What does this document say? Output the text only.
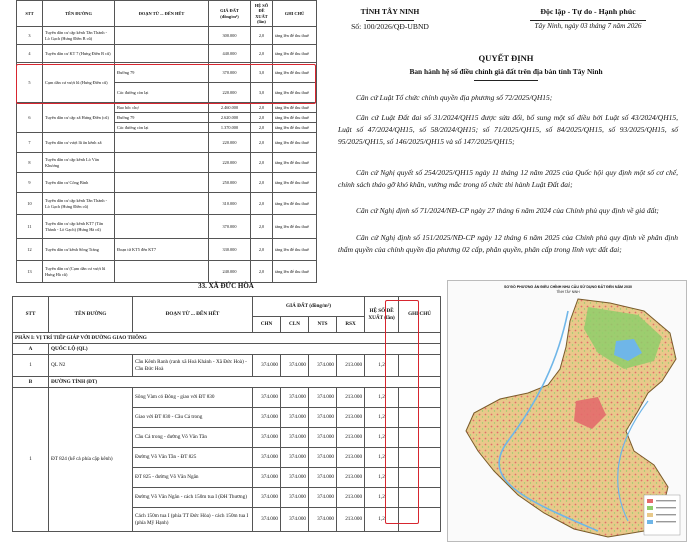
STT	TÊN ĐƯỜNG	ĐOẠN TỪ ... ĐẾN HẾT	GIÁ ĐẤT (đồng/m²)	HỆ SỐ ĐỀ XUẤT (lần)	GHI CHÚ
3	Tuyến dân cư cặp kênh Tân Thành - Lò Gạch (Hưng Điền B cũ)		300.000	2,0	tăng lên để thu thuế
4	Tuyến dân cư KT 7 (Hưng Điền B cũ)		440.000	2,0	tăng lên để thu thuế
5	Cụm dân cư vượt lũ (Hưng Điền cũ)	Đường 79	370.000	3,0	tăng lên để thu thuế
		Các đường còn lại	220.000	3,0	tăng lên để thu thuế
6	Tuyến dân cư cặp xã Hưng Điền (cũ)	Bao bốc chợ	2.460.000	2,0	tăng lên để thu thuế
		Đường 79	2.620.000	2,0	tăng lên để thu thuế
		Các đường còn lại	1.370.000	2,0	tăng lên để thu thuế
7	Tuyến dân cư vượt lũ ấn kênh xã		220.000	2,0	tăng lên để thu thuế
8	Tuyến dân cư cặp kênh Lò Văn Khương		220.000	2,0	tăng lên để thu thuế
9	Tuyến dân cư Công Bình		250.000	2,0	tăng lên để thu thuế
10	Tuyến dân cư cặp kênh Tân Thành - Lò Gạch (Hưng Điền cũ)		310.000	2,0	tăng lên để thu thuế
11	Tuyến dân cư cặp kênh KT7 (Tân Thành - Lò Gạch) (Hưng Hà cũ)		370.000	2,0	tăng lên để thu thuế
12	Tuyến dân cư kênh Sông Trăng	Đoạn từ KT5 đến KT7	330.000	2,0	tăng lên để thu thuế
13	Tuyến dân cư (Cụm dân cư vượt lũ Hưng Hà cũ)		240.000	2,0	tăng lên để thu thuế
TỈNH TÂY NINH
Số: 100/2026/QĐ-UBND
Độc lập - Tự do - Hạnh phúc
Tây Ninh, ngày 03 tháng 7 năm 2026
QUYẾT ĐỊNH
Ban hành hệ số điều chỉnh giá đất trên địa bàn tỉnh Tây Ninh
Căn cứ Luật Tổ chức chính quyền địa phương số 72/2025/QH15;
Căn cứ Luật Đất đai số 31/2024/QH15 được sửa đổi, bổ sung một số điều bởi Luật số 43/2024/QH15, Luật số 47/2024/QH15, số 58/2024/QH15; số 71/2025/QH15, số 84/2025/QH15, số 93/2025/QH15, số 95/2025/QH15, số 146/2025/QH15 và số 147/2025/QH15;
Căn cứ Nghị quyết số 254/2025/QH15 ngày 11 tháng 12 năm 2025 của Quốc hội quy định một số cơ chế, chính sách tháo gỡ khó khăn, vướng mắc trong tổ chức thi hành Luật Đất đai;
Căn cứ Nghị định số 71/2024/NĐ-CP ngày 27 tháng 6 năm 2024 của Chính phủ quy định về giá đất;
Căn cứ Nghị định số 151/2025/NĐ-CP ngày 12 tháng 6 năm 2025 của Chính phủ quy định về phân định thẩm quyền của chính quyền địa phương 02 cấp, phân quyền, phân cấp trong lĩnh vực đất đai;
33. XÃ ĐỨC HÒA
STT	TÊN ĐƯỜNG	ĐOẠN TỪ ... ĐẾN HẾT	GIÁ ĐẤT (đồng/m²)				HỆ SỐ ĐỀ XUẤT (lần)	GHI CHÚ
			CHN	CLN	NTS	RSX		
PHẦN I: VỊ TRÍ TIẾP GIÁP VỚI ĐƯỜNG GIAO THÔNG								
A	QUỐC LỘ (QL)							
1	QL N2	Cầu Kênh Ranh (ranh xã Hoà Khánh - Xã Đức Hoà) - Cầu Đức Hoà	374.000	374.000	374.000	213.000	1,2	
B	ĐƯỜNG TỈNH (ĐT)							
1	ĐT 824 (kể cả phía cặp kênh)	Sông Vàm cỏ Đông - giao với ĐT 830	374.000	374.000	374.000	213.000	1,2	
		Giao với ĐT 830 - Cầu Cá trong	374.000	374.000	374.000	213.000	1,2	
		Cầu Cá trong - đường Võ Văn Tần	374.000	374.000	374.000	213.000	1,2	
		Đường Võ Văn Tần - ĐT 825	374.000	374.000	374.000	213.000	1,2	
		ĐT 825 - đường Võ Văn Ngân	374.000	374.000	374.000	213.000	1,2	
		Đường Võ Văn Ngân - cách 150m tua I (ĐH Thương)	374.000	374.000	374.000	213.000	1,2	
		Cách 150m tua I (phía TT Đức Hòa) - cách 150m tua I (phía Mỹ Hạnh)	374.000	374.000	374.000	213.000	1,2	
SƠ ĐỒ PHƯƠNG ÁN ĐIỀU CHỈNH NHU CẦU SỬ DỤNG ĐẤT ĐẾN NĂM 2030
TỈNH TÂY NINH
